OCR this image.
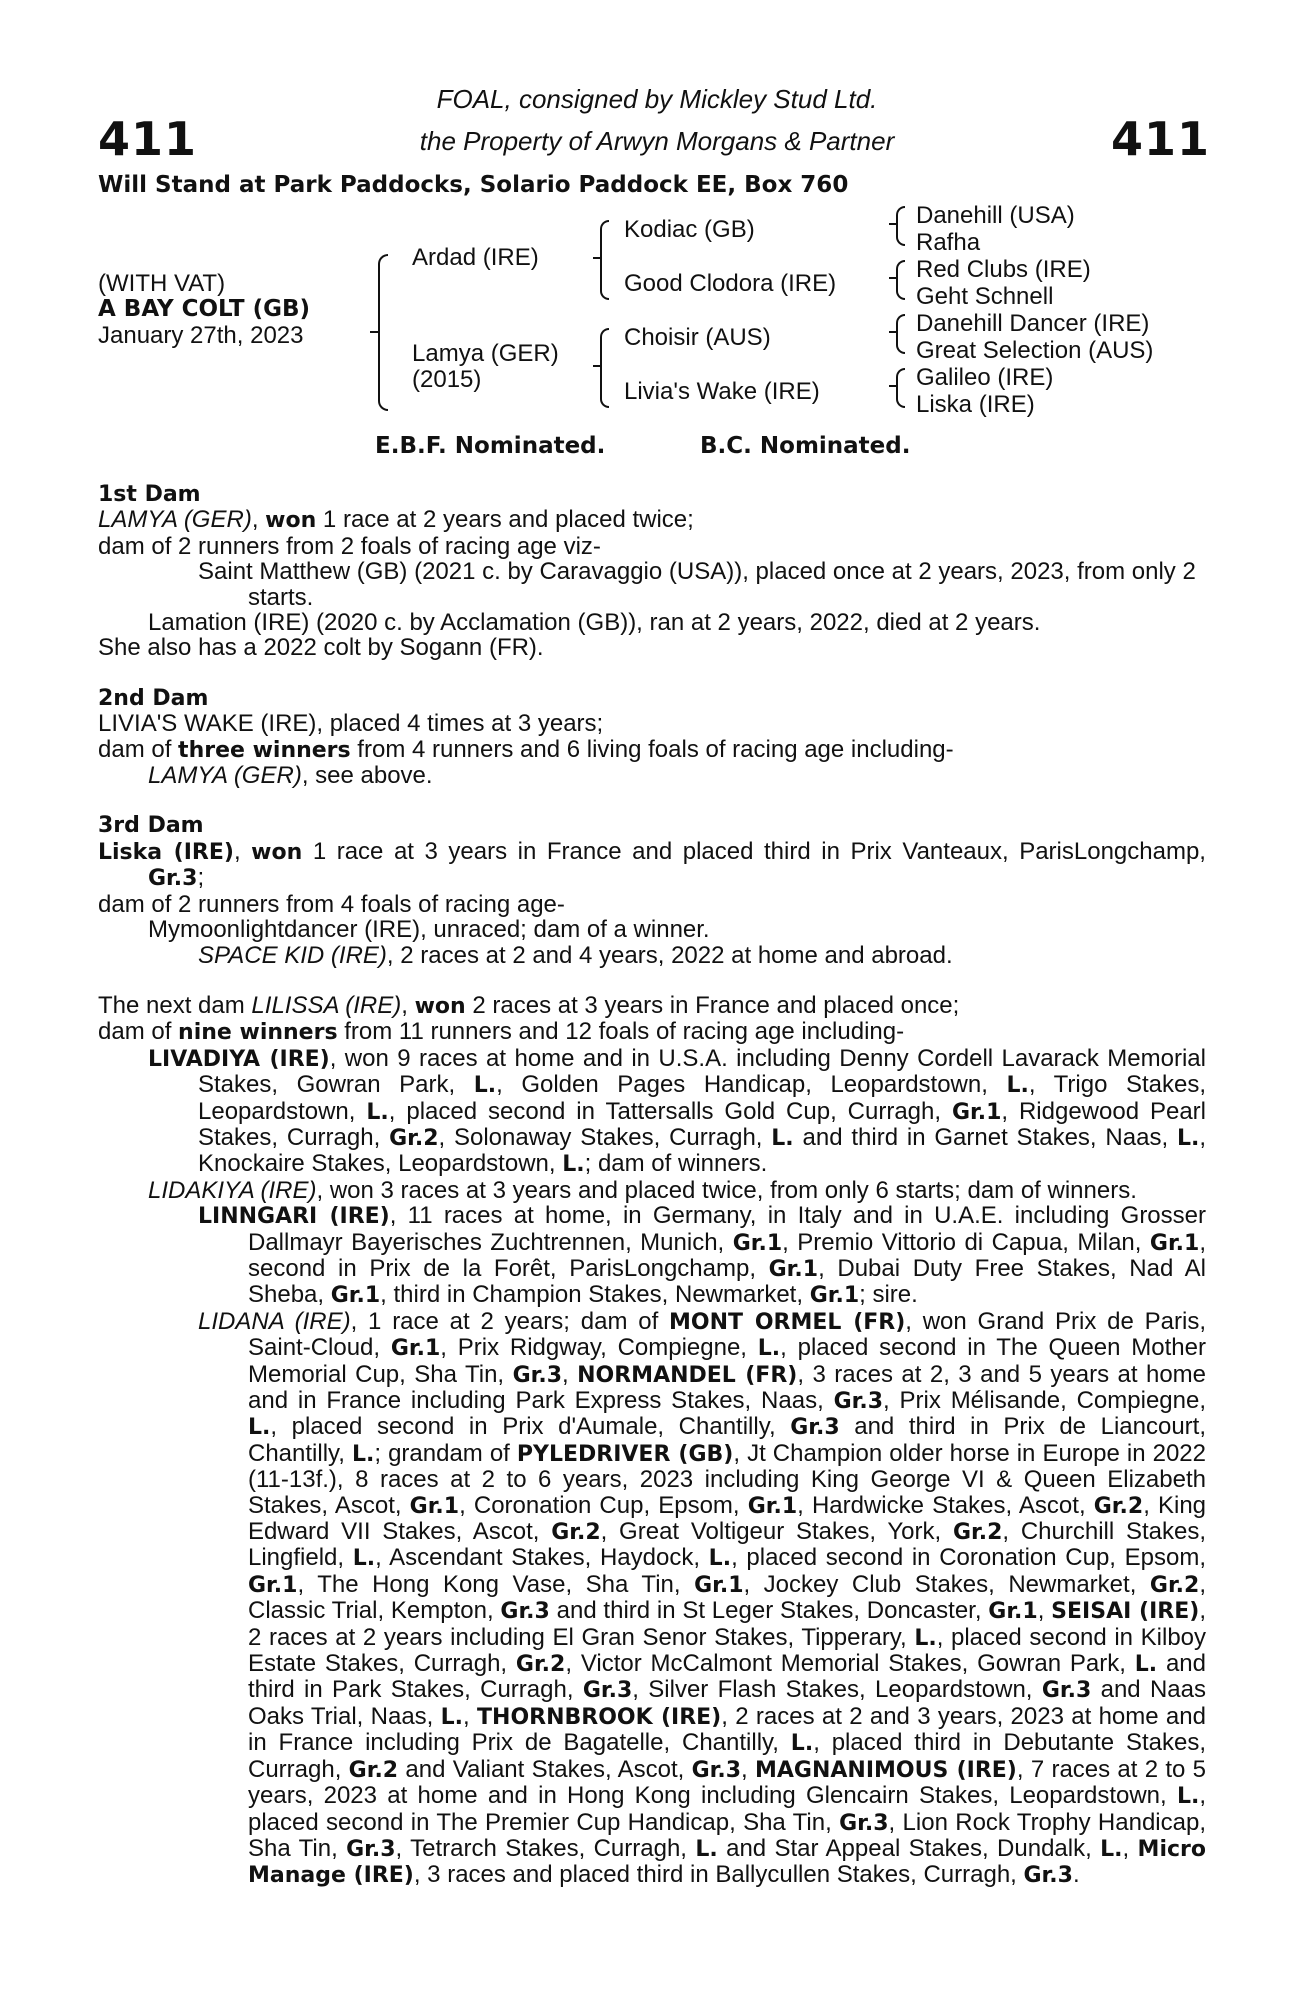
411	411
FOAL, consigned by Mickley Stud Ltd.
the Property of Arwyn Morgans & Partner
Will Stand at Park Paddocks, Solario Paddock EE, Box 760
(WITH VAT)
A BAY COLT (GB)
January 27th, 2023
Ardad (IRE)
Lamya (GER)
(2015)
Kodiac (GB)
Good Clodora (IRE)
Choisir (AUS)
Livia's Wake (IRE)
Danehill (USA)
Rafha
Red Clubs (IRE)
Geht Schnell
Danehill Dancer (IRE)
Great Selection (AUS)
Galileo (IRE)
Liska (IRE)
E.B.F. Nominated.	B.C. Nominated.

1st Dam

LAMYA (GER), won 1 race at 2 years and placed twice;

dam of 2 runners from 2 foals of racing age viz-

Saint Matthew (GB) (2021 c. by Caravaggio (USA)), placed once at 2 years, 2023, from only 2 starts.

Lamation (IRE) (2020 c. by Acclamation (GB)), ran at 2 years, 2022, died at 2 years.

She also has a 2022 colt by Sogann (FR).

2nd Dam

LIVIA'S WAKE (IRE), placed 4 times at 3 years;

dam of three winners from 4 runners and 6 living foals of racing age including-

LAMYA (GER), see above.

3rd Dam

Liska (IRE), won 1 race at 3 years in France and placed third in Prix Vanteaux, ParisLongchamp, Gr.3;

dam of 2 runners from 4 foals of racing age-

Mymoonlightdancer (IRE), unraced; dam of a winner.

SPACE KID (IRE), 2 races at 2 and 4 years, 2022 at home and abroad.

The next dam LILISSA (IRE), won 2 races at 3 years in France and placed once;

dam of nine winners from 11 runners and 12 foals of racing age including-

LIVADIYA (IRE), won 9 races at home and in U.S.A. including Denny Cordell Lavarack Memorial Stakes, Gowran Park, L., Golden Pages Handicap, Leopardstown, L., Trigo Stakes, Leopardstown, L., placed second in Tattersalls Gold Cup, Curragh, Gr.1, Ridgewood Pearl Stakes, Curragh, Gr.2, Solonaway Stakes, Curragh, L. and third in Garnet Stakes, Naas, L., Knockaire Stakes, Leopardstown, L.; dam of winners.

LIDAKIYA (IRE), won 3 races at 3 years and placed twice, from only 6 starts; dam of winners.

LINNGARI (IRE), 11 races at home, in Germany, in Italy and in U.A.E. including Grosser Dallmayr Bayerisches Zuchtrennen, Munich, Gr.1, Premio Vittorio di Capua, Milan, Gr.1, second in Prix de la Forêt, ParisLongchamp, Gr.1, Dubai Duty Free Stakes, Nad Al Sheba, Gr.1, third in Champion Stakes, Newmarket, Gr.1; sire.

LIDANA (IRE), 1 race at 2 years; dam of MONT ORMEL (FR), won Grand Prix de Paris, Saint-Cloud, Gr.1, Prix Ridgway, Compiegne, L., placed second in The Queen Mother Memorial Cup, Sha Tin, Gr.3, NORMANDEL (FR), 3 races at 2, 3 and 5 years at home and in France including Park Express Stakes, Naas, Gr.3, Prix Mélisande, Compiegne, L., placed second in Prix d'Aumale, Chantilly, Gr.3 and third in Prix de Liancourt, Chantilly, L.; grandam of PYLEDRIVER (GB), Jt Champion older horse in Europe in 2022 (11-13f.), 8 races at 2 to 6 years, 2023 including King George VI & Queen Elizabeth Stakes, Ascot, Gr.1, Coronation Cup, Epsom, Gr.1, Hardwicke Stakes, Ascot, Gr.2, King Edward VII Stakes, Ascot, Gr.2, Great Voltigeur Stakes, York, Gr.2, Churchill Stakes, Lingfield, L., Ascendant Stakes, Haydock, L., placed second in Coronation Cup, Epsom, Gr.1, The Hong Kong Vase, Sha Tin, Gr.1, Jockey Club Stakes, Newmarket, Gr.2, Classic Trial, Kempton, Gr.3 and third in St Leger Stakes, Doncaster, Gr.1, SEISAI (IRE), 2 races at 2 years including El Gran Senor Stakes, Tipperary, L., placed second in Kilboy Estate Stakes, Curragh, Gr.2, Victor McCalmont Memorial Stakes, Gowran Park, L. and third in Park Stakes, Curragh, Gr.3, Silver Flash Stakes, Leopardstown, Gr.3 and Naas Oaks Trial, Naas, L., THORNBROOK (IRE), 2 races at 2 and 3 years, 2023 at home and in France including Prix de Bagatelle, Chantilly, L., placed third in Debutante Stakes, Curragh, Gr.2 and Valiant Stakes, Ascot, Gr.3, MAGNANIMOUS (IRE), 7 races at 2 to 5 years, 2023 at home and in Hong Kong including Glencairn Stakes, Leopardstown, L., placed second in The Premier Cup Handicap, Sha Tin, Gr.3, Lion Rock Trophy Handicap, Sha Tin, Gr.3, Tetrarch Stakes, Curragh, L. and Star Appeal Stakes, Dundalk, L., Micro Manage (IRE), 3 races and placed third in Ballycullen Stakes, Curragh, Gr.3.
